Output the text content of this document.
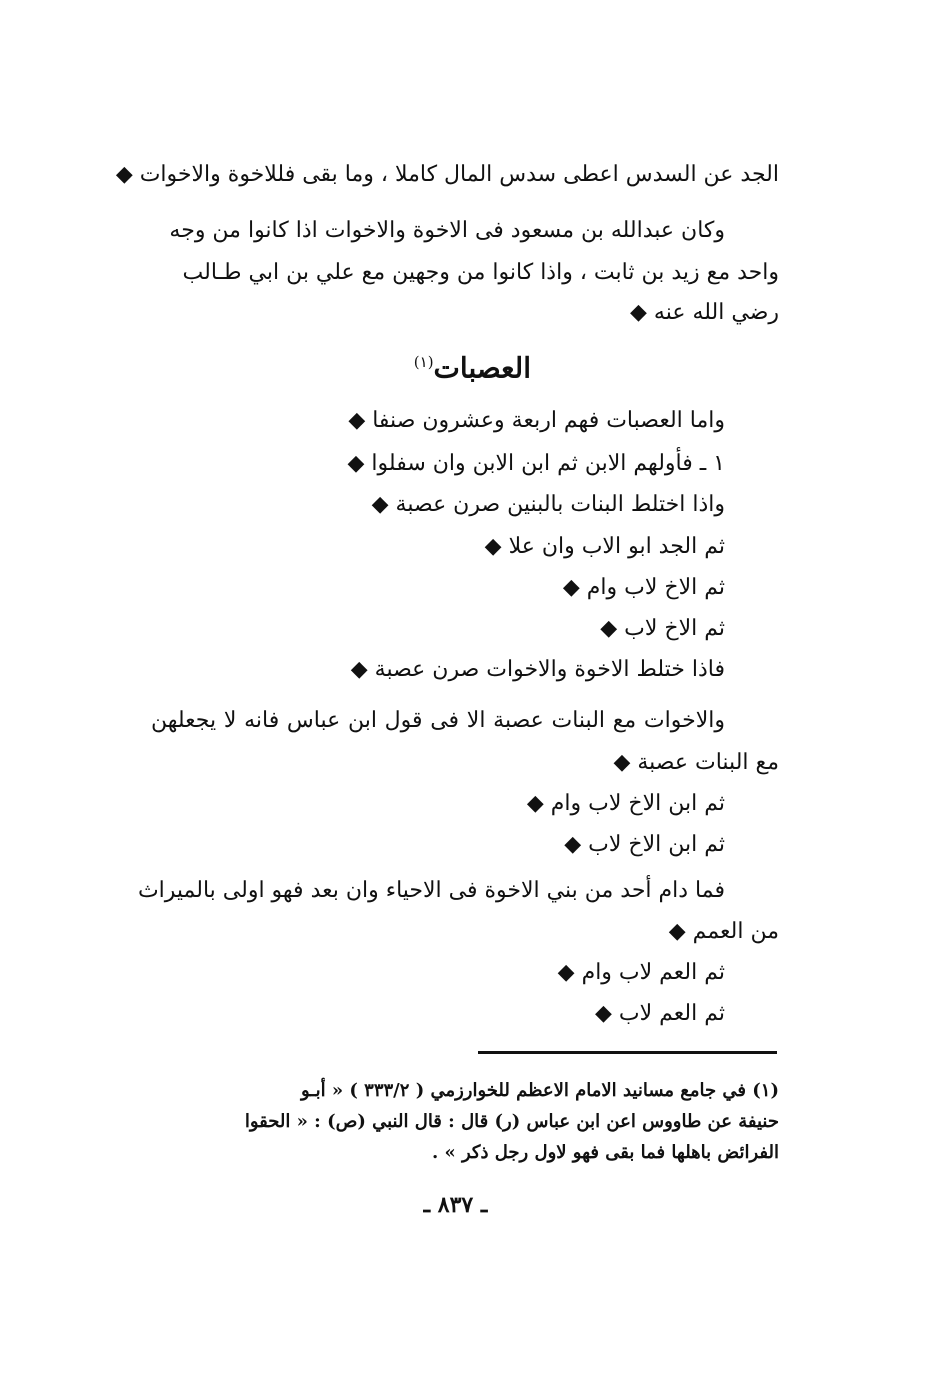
الجد عن السدس اعطى سدس المال كاملا ، وما بقى فللاخوة والاخوات ◆
وكان عبدالله بن مسعود فى الاخوة والاخوات اذا كانوا من وجه
واحد مع زيد بن ثابت ، واذا كانوا من وجهين مع علي بن ابي طـالب
رضي الله عنه ◆
العصبات$^{(١)}$
واما العصبات فهم اربعة وعشرون صنفا ◆
١ ـ فأولهم الابن ثم ابن الابن وان سفلوا ◆
واذا اختلط البنات بالبنين صرن عصبة ◆
ثم الجد ابو الاب وان علا ◆
ثم الاخ لاب وام ◆
ثم الاخ لاب ◆
فاذا ختلط الاخوة والاخوات صرن عصبة ◆
والاخوات مع البنات عصبة الا فى قول ابن عباس فانه لا يجعلهن
مع البنات عصبة ◆
ثم ابن الاخ لاب وام ◆
ثم ابن الاخ لاب ◆
فما دام أحد من بني الاخوة فى الاحياء وان بعد فهو اولى بالميراث
من العمم ◆
ثم العم لاب وام ◆
ثم العم لاب ◆
(١) في جامع مسانيد الامام الاعظم للخوارزمي ( ٣٣٣/٢ ) « أبـو
حنيفة عن طاووس اعن ابن عباس (ر) قال : قال النبي (ص) : « الحقوا
الفرائض باهلها فما بقى فهو لاول رجل ذكر » .
ـ ٨٣٧ ـ
